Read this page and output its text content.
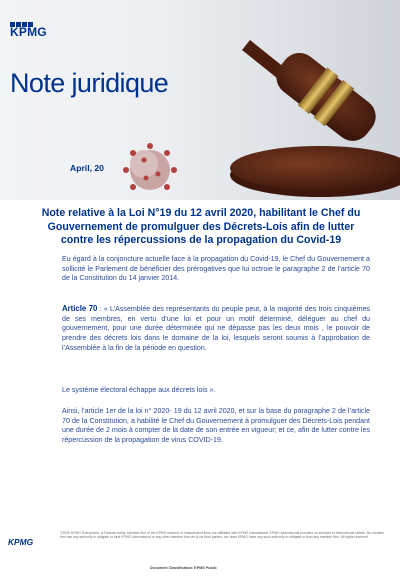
KPMG
Note juridique
April, 20
Note relative à la Loi N°19 du 12 avril 2020, habilitant le Chef du Gouvernement de promulguer des Décrets-Lois afin de lutter contre les répercussions de la propagation du Covid-19

Eu égard à la conjoncture actuelle face à la propagation du Covid-19, le Chef du Gouvernement a sollicité le Parlement de bénéficier des prérogatives que lui octroie le paragraphe 2 de l’article 70 de la Constitution du 14 janvier 2014.

Article 70 : « L’Assemblée des représentants du peuple peut, à la majorité des trois cinquièmes de ses membres, en vertu d’une loi et pour un motif déterminé, déléguer au chef du gouvernement, pour une durée déterminée qui ne dépasse pas les deux mois , le pouvoir de prendre des décrets lois dans le domaine de la loi, lesquels seront soumis à l’approbation de l’Assemblée à la fin de la période en question.

Le système électoral échappe aux décrets lois ».

Ainsi, l’article 1er de la loi n° 2020- 19 du 12 avril 2020, et sur la base du paragraphe 2 de l’article 70 de la Constitution, a habilité le Chef du Gouvernement à promulguer des Décrets-Lois pendant une durée de 2 mois à compter de la date de son entrée en vigueur; et ce, afin de lutter contre les répercussion de la propagation de virus COVID-19.

KPMG
©2020 KPMG Enterprises, a Tunisian entity. Member firm of the KPMG network of independent firms are affiliated with KPMG International. KPMG International provides no services to international clients. No member firm has any authority to obligate or bind KPMG International or any other member firm vis-à-vis third parties, nor does KPMG have any such authority to obligate or bind any member firm. All rights reserved.
Document Classification: KPMG Public
